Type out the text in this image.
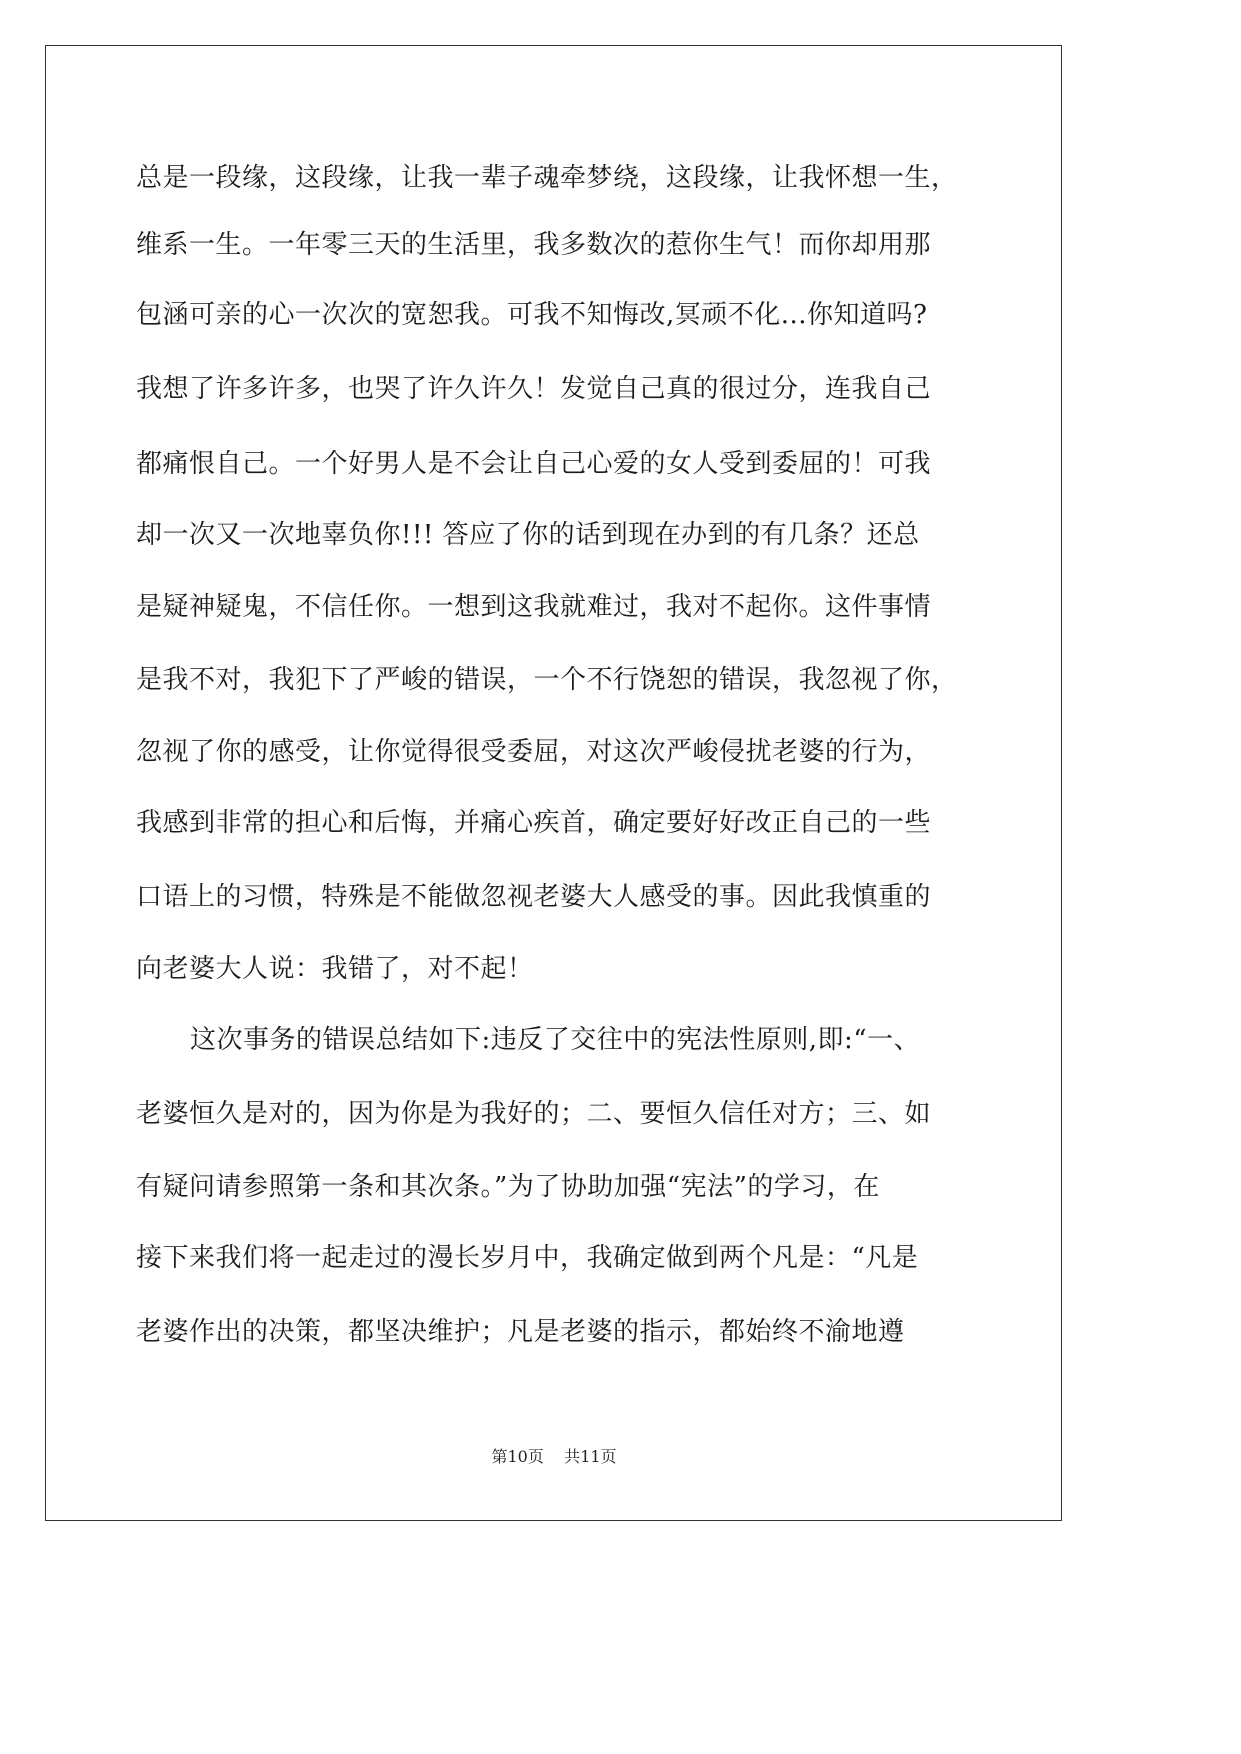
总是一段缘，这段缘，让我一辈子魂牵梦绕，这段缘，让我怀想一生，
维系一生。一年零三天的生活里，我多数次的惹你生气！而你却用那
包涵可亲的心一次次的宽恕我。可我不知悔改,冥顽不化...你知道吗?
我想了许多许多，也哭了许久许久！发觉自己真的很过分，连我自己
都痛恨自己。一个好男人是不会让自己心爱的女人受到委屈的！可我
却一次又一次地辜负你!!! 答应了你的话到现在办到的有几条？还总
是疑神疑鬼，不信任你。一想到这我就难过，我对不起你。这件事情
是我不对，我犯下了严峻的错误，一个不行饶恕的错误，我忽视了你，
忽视了你的感受，让你觉得很受委屈，对这次严峻侵扰老婆的行为，
我感到非常的担心和后悔，并痛心疾首，确定要好好改正自己的一些
口语上的习惯，特殊是不能做忽视老婆大人感受的事。因此我慎重的
向老婆大人说：我错了，对不起！
这次事务的错误总结如下:违反了交往中的宪法性原则,即:“一、
老婆恒久是对的，因为你是为我好的；二、要恒久信任对方；三、如
有疑问请参照第一条和其次条。”为了协助加强“宪法”的学习，在
接下来我们将一起走过的漫长岁月中，我确定做到两个凡是：“凡是
老婆作出的决策，都坚决维护；凡是老婆的指示，都始终不渝地遵
第10页 共11页
